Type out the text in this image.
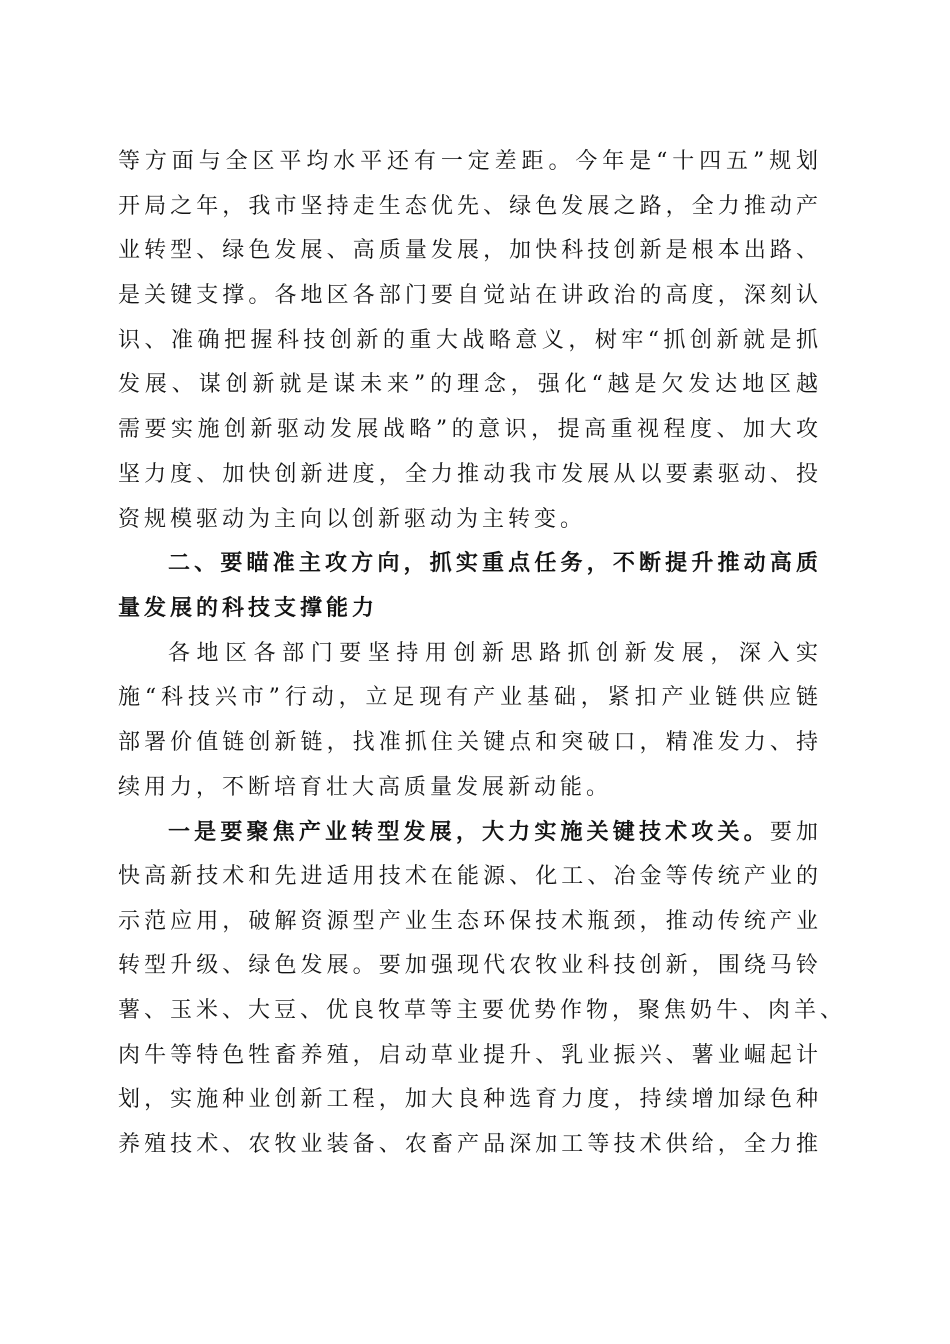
等方面与全区平均水平还有一定差距。今年是“十四五”规划
开局之年，我市坚持走生态优先、绿色发展之路，全力推动产
业转型、绿色发展、高质量发展，加快科技创新是根本出路、
是关键支撑。各地区各部门要自觉站在讲政治的高度，深刻认
识、准确把握科技创新的重大战略意义，树牢“抓创新就是抓
发展、谋创新就是谋未来”的理念，强化“越是欠发达地区越
需要实施创新驱动发展战略”的意识，提高重视程度、加大攻
坚力度、加快创新进度，全力推动我市发展从以要素驱动、投
资规模驱动为主向以创新驱动为主转变。
二、要瞄准主攻方向，抓实重点任务，不断提升推动高质
量发展的科技支撑能力
各地区各部门要坚持用创新思路抓创新发展，深入实
施“科技兴市”行动，立足现有产业基础，紧扣产业链供应链
部署价值链创新链，找准抓住关键点和突破口，精准发力、持
续用力，不断培育壮大高质量发展新动能。
一是要聚焦产业转型发展，大力实施关键技术攻关。要加
快高新技术和先进适用技术在能源、化工、冶金等传统产业的
示范应用，破解资源型产业生态环保技术瓶颈，推动传统产业
转型升级、绿色发展。要加强现代农牧业科技创新，围绕马铃
薯、玉米、大豆、优良牧草等主要优势作物，聚焦奶牛、肉羊、
肉牛等特色牲畜养殖，启动草业提升、乳业振兴、薯业崛起计
划，实施种业创新工程，加大良种选育力度，持续增加绿色种
养殖技术、农牧业装备、农畜产品深加工等技术供给，全力推
